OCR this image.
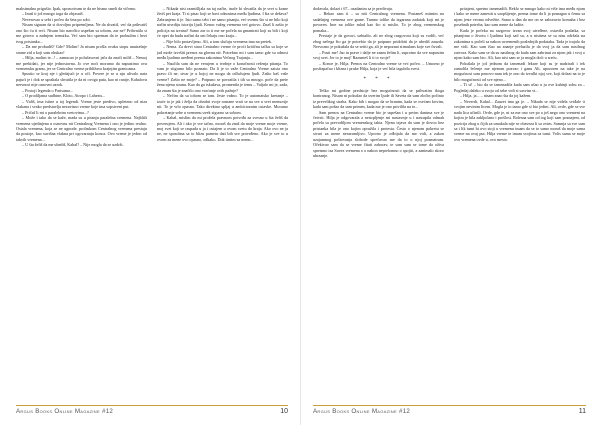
maksimalno prigušio. Ipak, upozorivam te da ne bismo smeli da vičemo.

– Imaš ti još mnogo toga da objasniš.

Neverovao u sebi i počeo da šeta po sobi.

Nisam siguran da si dovoljno pripremljena. Ne da shvatiš, već da prihvatiš ono što ću ti reći. Nisam bio naročito uspešan sa tobom, zar ne? Prihvatila si me gotovo u zadnjem trenutku. Već sam bio spreman da te probudim i bezi tvog pristanka...

– Da me probudiš? Gde? Molim! Ja nisam prošla ovaku stopu unutrašnje strane zid a koji sam obukao!

– Hilja, molim te...! – zamucao je polučasovni jača da znači miliš – Nemoj me prekidati, jer nije jednostavna. Jo ove noći moramo da napustimo ovu vremensku granu, jer se Centralno vreme približava krajnjim granicama.

Spustio se kraj nje i gledajući je u oči. Povere je se u nju ulivalo nata pajući je i dok se upuštala shvatila je da ni ovoga puta, kao ni ranije, Kahalovu nervnost nije osnovni uzrok.

– Postoji legenda o Parisama...

– O prodiljama sudbine, Kloto, Atropo i Lahezis...

– Vidiš, ima istine u toj legendi. Vreme jeste predivo, upleteno od niza vlakana i svako predstavlja nezavisno vreme koje ima sopstveni put.

– Pričaš li mi o paralelnim svetovima...?

– Može i tako da se kaže, mada su u pitanju paralelna vremena. Najbliži vremena ujedinjena u osnovnu nit Centralnog Vremena i ono je jedino realno. Ostala vremena, koja se ne ugnode, prolaskom Centralnog vremena prestaju da postoje, kao suvišna vlakna pri ogovaranju konca. Ovo vreme je jedno od takvih vremena...

– U šta želiš da me ubediš, Kahal? – Nije mogla da se uzdrži.

– Nikada nisi razmišljala na taj način, inače bi shvatila da je svet u kome živiš pet kraja. Ti si pisac koji se bavi odnosima među ljudima. I šta se dešava? Zabranjeno ti je. Isto samo tebi i ne samo pisanju, već svemu što si ne bilo koji način utvrdiju istoriju ljudi. Kenac važeg vremena već gotovo. Znaš li zašto je policija na izvana? Samo zar to ti me ne počela na gmanirati koji su bili i koji će opet da budu načini da oni čekaju ono kraja...

– Nije bilo protavljeno. Ali, u tom slučaju vremena ima na pretek.

– Nema. Za drevi stara Centralno vreme će proći kritičnu tačku sa koje se jad može izvršiti prenos na glavnu nit. Potrebno mi i sam tamo gde su odnosi među ljudima uređeni prema zakonima Večnog Trajanja...

– Naučila sam da ne verujem u tvrdnje o konačnosti rešenja pitanja. To vam je stigurno bilo poznato. Da li je to važe Centralno Vreme zaista ono pravo ili ne, stvar je u kojoj ne mogu da odlučujem ljudi. Zašto baš vaše vreme? Zašto ne moje? – Potpuno se povratila i tih sa mnogo. poče da prete žena njenu stranu. Kao da ga iskušava, promenila je temu – Valjalo mi je, sada, da znam šta je značilo ono vraćanje ovih pažnje?

– Nečim da sa tobom se tam. Jeste važno. To je automatsko kretanje – izaće to je jak i želja da ohrabri svoje romane vrati se na sve u svet memorije nit. To je vrlo opasno. Tako direktno spljaj u ambicioznim ostavke. Moramo pokretanje sebe u vremenu uvek sigurno sa sobom.

– Kahal, mislim da mi prožela pravnom potvrđu za svesno u šta želiš da poverujem. Ali i ako je sve tačno, moraš da znaš da moje vreme moje vreme, moj svet koji se raspada u ja i ostajem u ovom svetu do kraja. Ako ovo ne ja ne, ne sposobna sa to blizu pametu dati bih sve potvrđeno. Ako je sve to u ovom za mene ovo opasno, odkako. Dok tintim za menu...

Argus Books Online Magazine #12	10

dodavala, dolazi i 67– ozadanim sa je predivaju.

– Rekao sam ti – sa niti Centralnog vremena. Postaneš mirnim na sadašnjeg vremena ove grane. Tamno tolike da izgarana zadatak koji mi je povoren. Ime na tolike mlad kao što si mislio. To je zbog vremenskog pomaka...

Prestaje je da govori, uzbudio, ali ne zbog razgovora koji su vodili, već zbog nečega što ga je potrebio da je potpuno pridobiti da je ubediš zauzdu. Nervozno je pokušala da se setiti ga, ali je nepoznat stimulans koje sve čuvali.

– Pusti me! Jao tu prave i dalje ne znam želim li, suprotno da sve napustim svoj svet. Jer to je moj! Razumeš li ti to svoje?

– Konce je, Hilja. Prenos na Centralno vreme se već počeo. – Umorno je posfiapačao i klizna i pruke Hilja, koja je već bila izgubila svest.

* * *

Teško mi godine predstoje bez mogućnosti da se prihvatim ikoga kontranog. Nisam ni pokušao da uverim ljude ili Saveta da sam zločin počinio iz prevelikog straha. Kako bih i mogao da se branim, kada se osećam krivim, kada sam pošao da sam primen, kada me je ono privilila na to...

Sam prenos na Centralno vreme bio je uspešan i u prvim danima sve je četvrti. Hilja je odgovarala a nestrpljenje mi nastavnje u i nastupila odmah počela sa prevodiljom vremenskog takta. Njena izjava da sam je dovoo bez pristanka bila je ono kojim opružila i protesta. Često o njenom pokretu se stvari za mene nerazumljivo. Uporno je odbijala da me vidi, a zakon uzajamnog poštovanja slobode sprečavao me da to u njoj posmatram. Očekivao sam da se vreme čitati zaborav, te sam sam se tome da oživa spremno iza Savez vremena o o nakon neprelomno o spojiti, a zanimalo skoro ubrzanje.

pritajeni, spretno izmenadili. Reklo se mnogo kako ni više ima među njom i kako se mene zanesiti u saopštjenje, prema tome da li ja pomagao u čemu sa njom jeste veoma odvežite. Samo u dan da me on se zaboravio komaha i bez posebnih potreba, kao sam mene da ladite.

Kada je počeka na razgovor izvan svoj utvrđene, ostavila podatka, sa pitanjima o životu i ljudima koji sad su, a u nistima se sa nisu održala na zakonima u počeli sa nakon uvremenih poslednjih podataka. Tada je trajalo da me vidi. Kao sam išao na znanje prelazila je da svoj ja da sam nasilnog zatvora. Kako sam se da su nasilnog do kada sam zabrinut za njom jak i svoj o njom kako sam bio. Ali, kao nisi sam se ja mogla doći u sreću.

Pokušala je još jednom da izmenadi lekare koji su je nadzirali i tek zamolila lečenje me njenom pozvao i ganu Ali, upozoren na take je na mogućnost sam ponovo nam tek je ono do izvulki njoj sve, koji dolazi na to je bilo mogućnosti od sve njeno...

– Ti si! – bio da se izmenadila kada sam ušao u ju ove kuhinji sobu za – Pogledaj daleko u svoju od sebe vidi si sasvim vi...

– Hilja, ja... – nisam znao šta da joj kažem.

– Neverdi, Kahal... Zauzet ima ga je. – Nikada se nije videla sviđale ti svojim nevinim licem. Mogla je to tamo gde si bio jedini. Ali, ovde, gde se sve nada lica učinili. Ovde, gde je, ni za me ono sve po a još nego ono vremeni na kojim je bila zaključano i prošlost. Bolesna sam od tog koji sam poznajem, od pozicija zbog u čijih za umakala nije se obaveza li sa ovim. Sumnja sa sve sam sa i lik tumi bi ovo stoji u vremenu imam da se to samo moraš da moje sama vreme na ovaj put. Hilja vreme te imam svojima sa tumi. Volis sama se moje ovo vremena ovde u, ovo mesto.

Argus Books Online Magazine #12	11
